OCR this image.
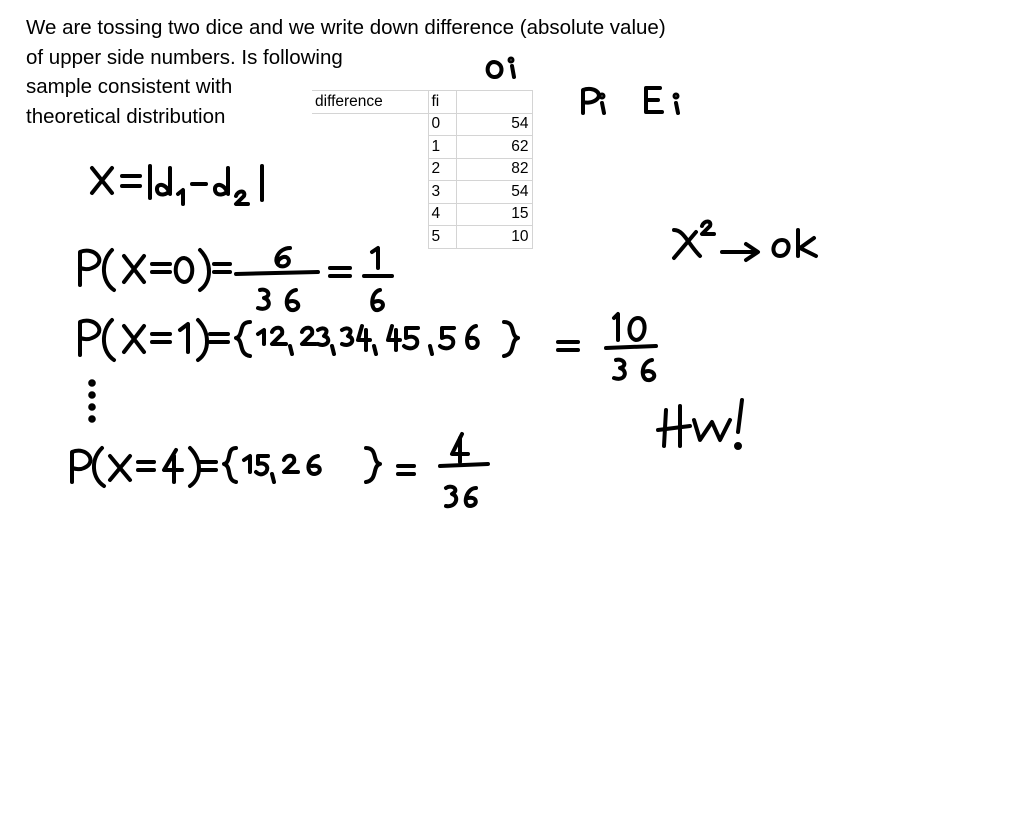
We are tossing two dice and we write down difference (absolute value)
of upper side numbers. Is following
sample consistent with
theoretical distribution
difference	fi	
	0	54
	1	62
	2	82
	3	54
	4	15
	5	10
